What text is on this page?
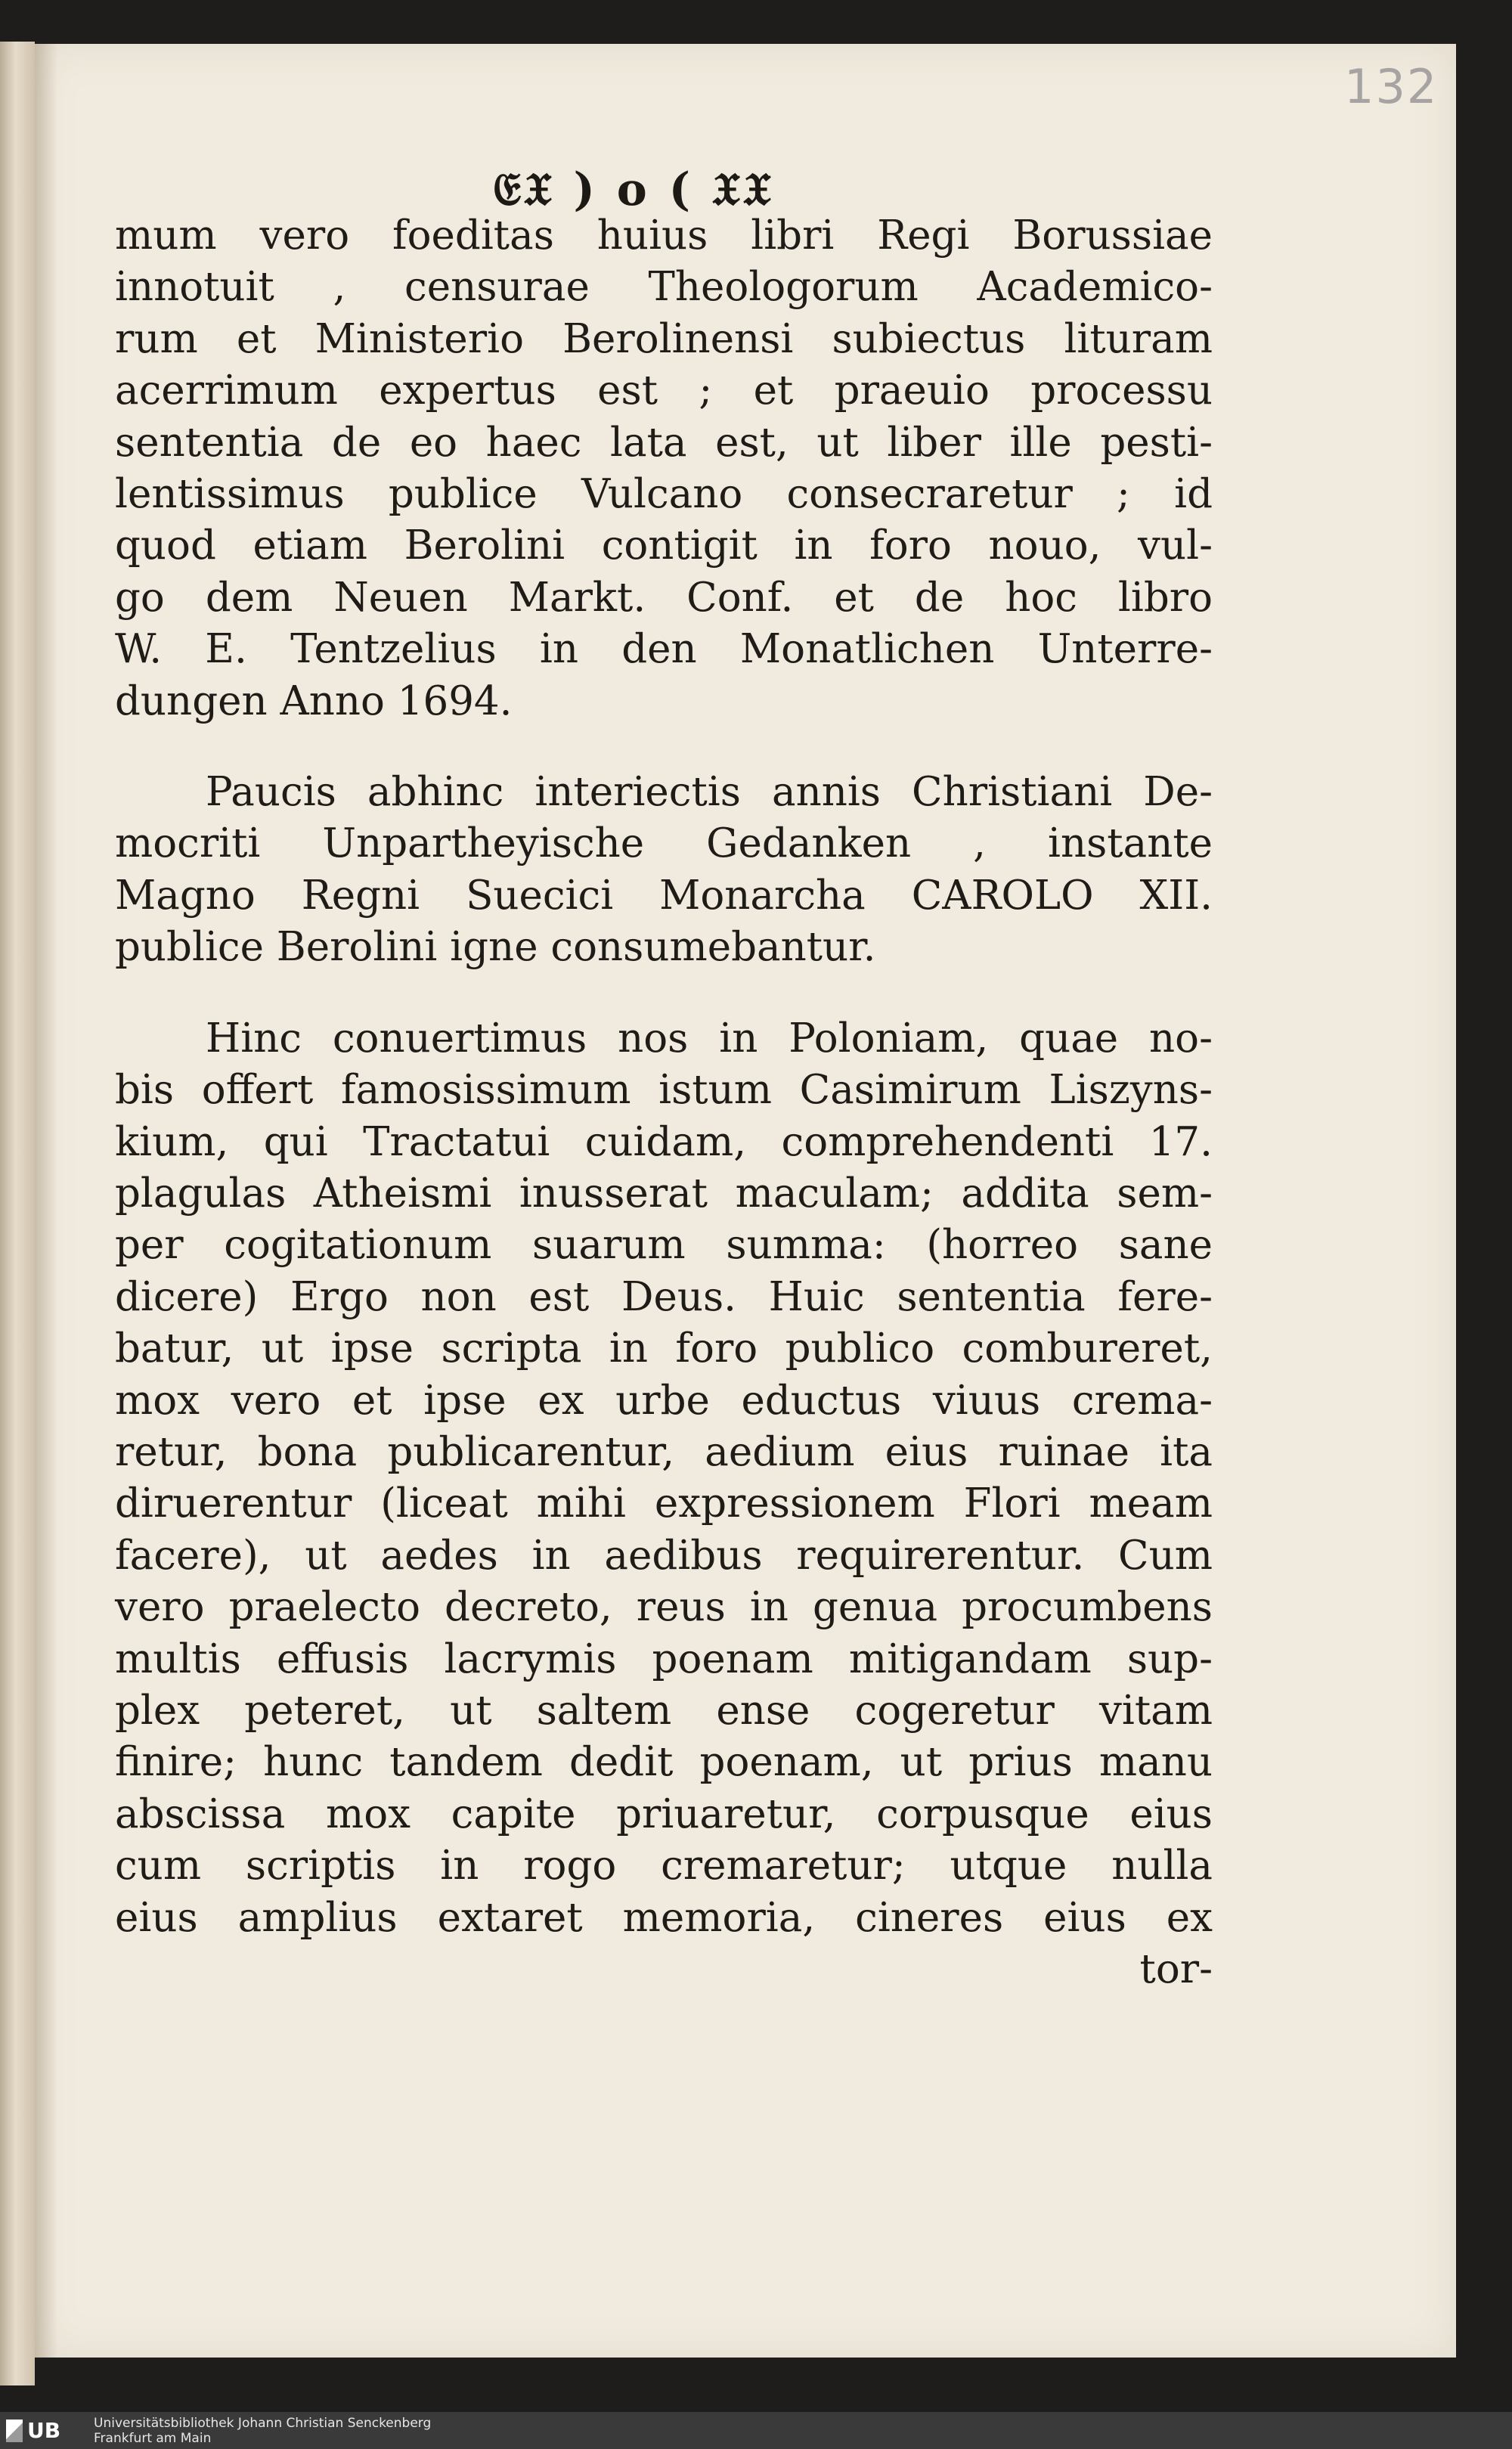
132
𝔈𝔛 ) o ( 𝔛𝔛
mum vero foeditas huius libri Regi Borussiae
innotuit , censurae Theologorum Academico-
rum et Ministerio Berolinensi subiectus lituram
acerrimum expertus est ; et praeuio processu
sententia de eo haec lata est, ut liber ille pesti-
lentissimus publice Vulcano consecraretur ; id
quod etiam Berolini contigit in foro nouo, vul-
go dem Neuen Markt. Conf. et de hoc libro
W. E. Tentzelius in den Monatlichen Unterre-
dungen Anno 1694.
Paucis abhinc interiectis annis Christiani De-
mocriti Unpartheyische Gedanken , instante
Magno Regni Suecici Monarcha CAROLO XII.
publice Berolini igne consumebantur.
Hinc conuertimus nos in Poloniam, quae no-
bis offert famosissimum istum Casimirum Liszyns-
kium, qui Tractatui cuidam, comprehendenti 17.
plagulas Atheismi inusserat maculam; addita sem-
per cogitationum suarum summa: (horreo sane
dicere) Ergo non est Deus. Huic sententia fere-
batur, ut ipse scripta in foro publico combureret,
mox vero et ipse ex urbe eductus viuus crema-
retur, bona publicarentur, aedium eius ruinae ita
diruerentur (liceat mihi expressionem Flori meam
facere), ut aedes in aedibus requirerentur. Cum
vero praelecto decreto, reus in genua procumbens
multis effusis lacrymis poenam mitigandam sup-
plex peteret, ut saltem ense cogeretur vitam
finire; hunc tandem dedit poenam, ut prius manu
abscissa mox capite priuaretur, corpusque eius
cum scriptis in rogo cremaretur; utque nulla
eius amplius extaret memoria, cineres eius ex
tor-
UB	Universitätsbibliothek Johann Christian Senckenberg
Frankfurt am Main
